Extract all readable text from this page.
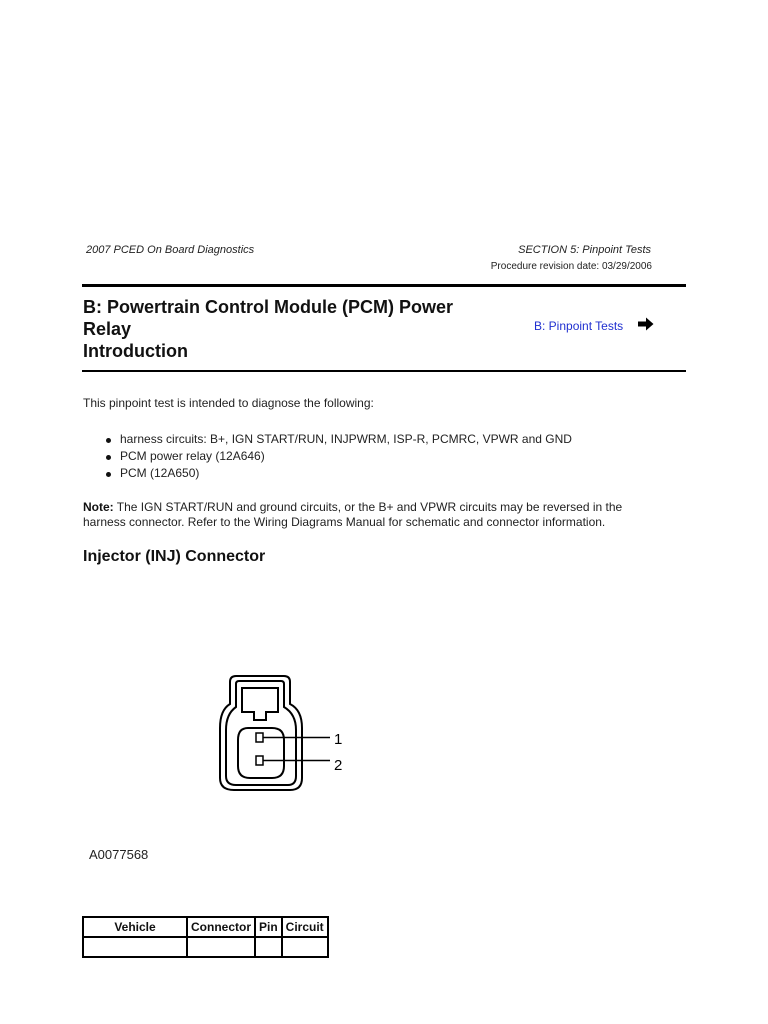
2007 PCED On Board Diagnostics	SECTION 5: Pinpoint Tests
Procedure revision date: 03/29/2006
B: Powertrain Control Module (PCM) Power
Relay
Introduction
B: Pinpoint Tests
This pinpoint test is intended to diagnose the following:
harness circuits: B+, IGN START/RUN, INJPWRM, ISP-R, PCMRC, VPWR and GND
PCM power relay (12A646)
PCM (12A650)
Note: The IGN START/RUN and ground circuits, or the B+ and VPWR circuits may be reversed in the harness connector. Refer to the Wiring Diagrams Manual for schematic and connector information.
Injector (INJ) Connector
1
2
A0077568
Vehicle	Connector	Pin	Circuit
